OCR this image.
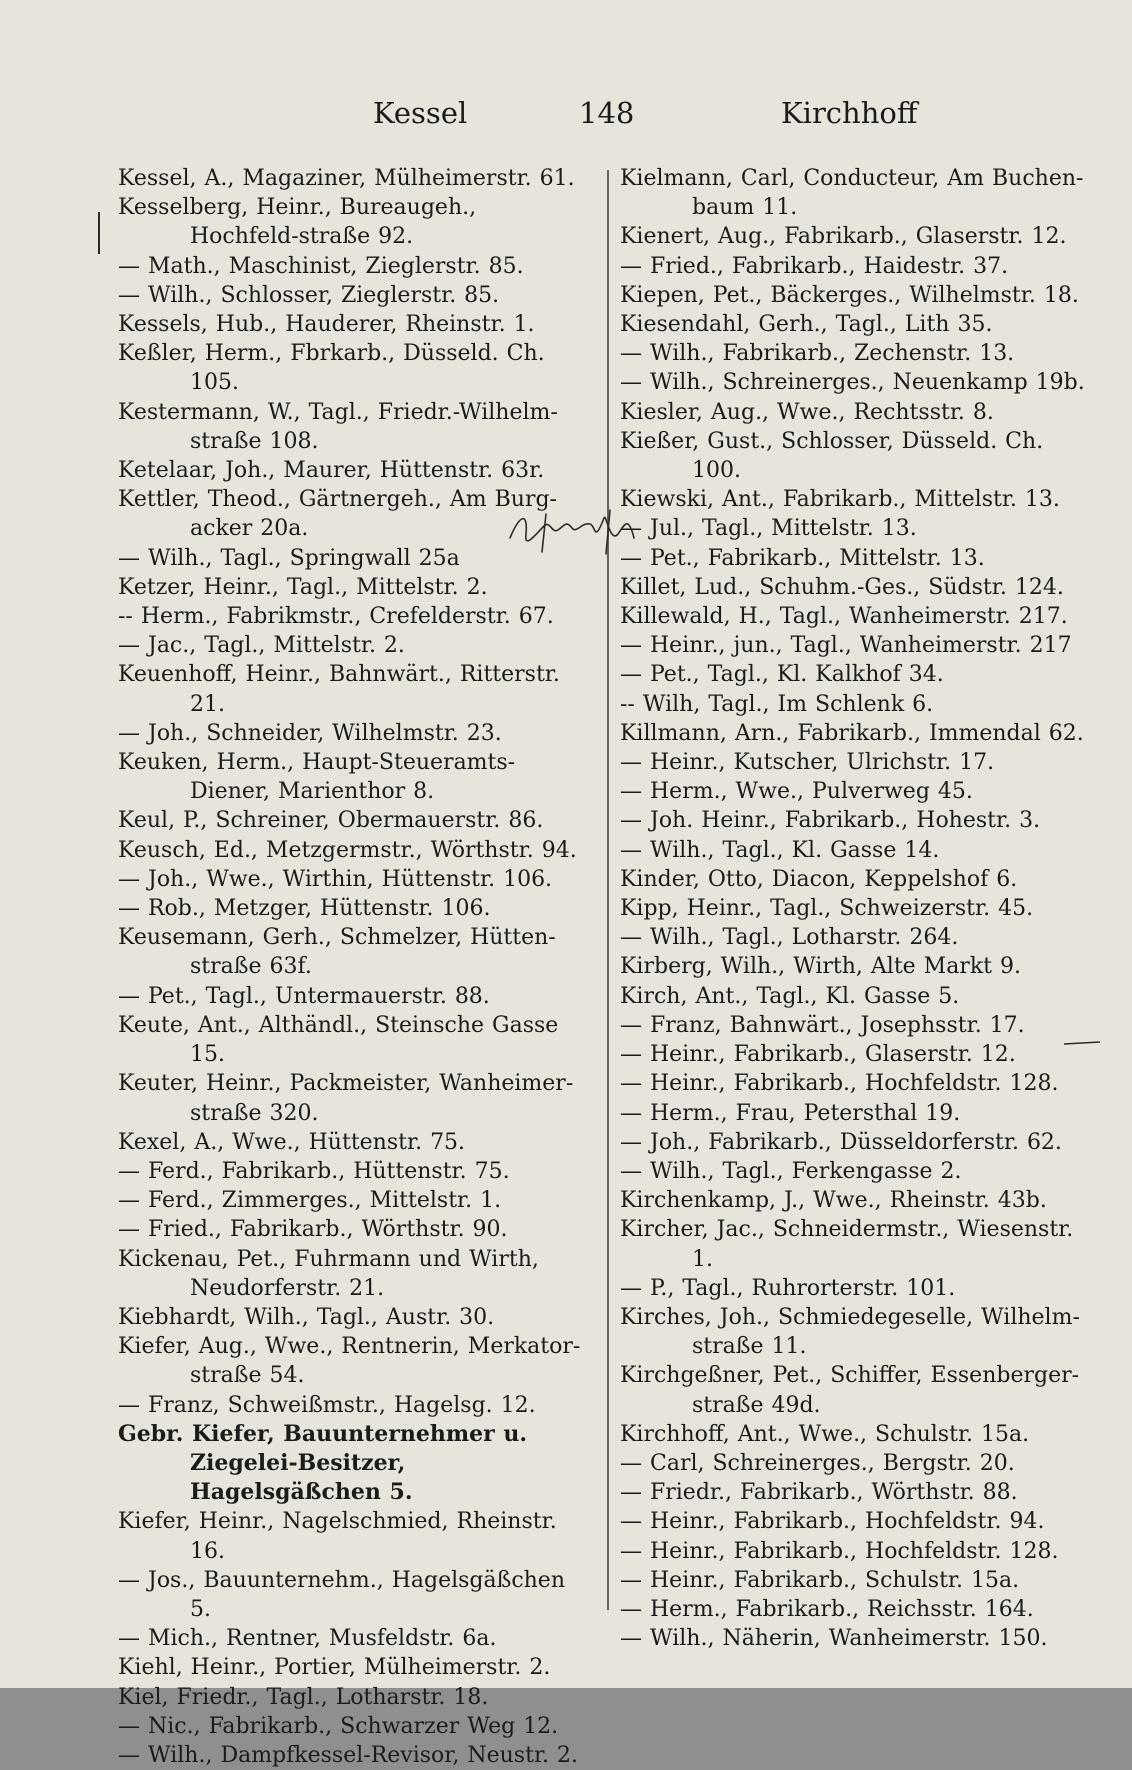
Kessel	148	Kirchhoff

Kessel, A., Magaziner, Mülheimerstr. 61.

Kesselberg, Heinr., Bureaugeh., Hochfeld-straße 92.

— Math., Maschinist, Zieglerstr. 85.

— Wilh., Schlosser, Zieglerstr. 85.

Kessels, Hub., Hauderer, Rheinstr. 1.

Keßler, Herm., Fbrkarb., Düsseld. Ch. 105.

Kestermann, W., Tagl., Friedr.-Wilhelm-straße 108.

Ketelaar, Joh., Maurer, Hüttenstr. 63r.

Kettler, Theod., Gärtnergeh., Am Burg-acker 20a.

— Wilh., Tagl., Springwall 25a

Ketzer, Heinr., Tagl., Mittelstr. 2.

-- Herm., Fabrikmstr., Crefelderstr. 67.

— Jac., Tagl., Mittelstr. 2.

Keuenhoff, Heinr., Bahnwärt., Ritterstr. 21.

— Joh., Schneider, Wilhelmstr. 23.

Keuken, Herm., Haupt-Steueramts-Diener, Marienthor 8.

Keul, P., Schreiner, Obermauerstr. 86.

Keusch, Ed., Metzgermstr., Wörthstr. 94.

— Joh., Wwe., Wirthin, Hüttenstr. 106.

— Rob., Metzger, Hüttenstr. 106.

Keusemann, Gerh., Schmelzer, Hütten-straße 63f.

— Pet., Tagl., Untermauerstr. 88.

Keute, Ant., Althändl., Steinsche Gasse 15.

Keuter, Heinr., Packmeister, Wanheimer-straße 320.

Kexel, A., Wwe., Hüttenstr. 75.

— Ferd., Fabrikarb., Hüttenstr. 75.

— Ferd., Zimmerges., Mittelstr. 1.

— Fried., Fabrikarb., Wörthstr. 90.

Kickenau, Pet., Fuhrmann und Wirth, Neudorferstr. 21.

Kiebhardt, Wilh., Tagl., Austr. 30.

Kiefer, Aug., Wwe., Rentnerin, Merkator-straße 54.

— Franz, Schweißmstr., Hagelsg. 12.

Gebr. Kiefer, Bauunternehmer u. Ziegelei-Besitzer, Hagelsgäßchen 5.

Kiefer, Heinr., Nagelschmied, Rheinstr. 16.

— Jos., Bauunternehm., Hagelsgäßchen 5.

— Mich., Rentner, Musfeldstr. 6a.

Kiehl, Heinr., Portier, Mülheimerstr. 2.

Kiel, Friedr., Tagl., Lotharstr. 18.

— Nic., Fabrikarb., Schwarzer Weg 12.

— Wilh., Dampfkessel-Revisor, Neustr. 2.

Kielmann, Carl, Conducteur, Am Buchen-baum 11.

Kienert, Aug., Fabrikarb., Glaserstr. 12.

— Fried., Fabrikarb., Haidestr. 37.

Kiepen, Pet., Bäckerges., Wilhelmstr. 18.

Kiesendahl, Gerh., Tagl., Lith 35.

— Wilh., Fabrikarb., Zechenstr. 13.

— Wilh., Schreinerges., Neuenkamp 19b.

Kiesler, Aug., Wwe., Rechtsstr. 8.

Kießer, Gust., Schlosser, Düsseld. Ch. 100.

Kiewski, Ant., Fabrikarb., Mittelstr. 13.

— Jul., Tagl., Mittelstr. 13.

— Pet., Fabrikarb., Mittelstr. 13.

Killet, Lud., Schuhm.-Ges., Südstr. 124.

Killewald, H., Tagl., Wanheimerstr. 217.

— Heinr., jun., Tagl., Wanheimerstr. 217

— Pet., Tagl., Kl. Kalkhof 34.

-- Wilh, Tagl., Im Schlenk 6.

Killmann, Arn., Fabrikarb., Immendal 62.

— Heinr., Kutscher, Ulrichstr. 17.

— Herm., Wwe., Pulverweg 45.

— Joh. Heinr., Fabrikarb., Hohestr. 3.

— Wilh., Tagl., Kl. Gasse 14.

Kinder, Otto, Diacon, Keppelshof 6.

Kipp, Heinr., Tagl., Schweizerstr. 45.

— Wilh., Tagl., Lotharstr. 264.

Kirberg, Wilh., Wirth, Alte Markt 9.

Kirch, Ant., Tagl., Kl. Gasse 5.

— Franz, Bahnwärt., Josephsstr. 17.

— Heinr., Fabrikarb., Glaserstr. 12.

— Heinr., Fabrikarb., Hochfeldstr. 128.

— Herm., Frau, Petersthal 19.

— Joh., Fabrikarb., Düsseldorferstr. 62.

— Wilh., Tagl., Ferkengasse 2.

Kirchenkamp, J., Wwe., Rheinstr. 43b.

Kircher, Jac., Schneidermstr., Wiesenstr. 1.

— P., Tagl., Ruhrorterstr. 101.

Kirches, Joh., Schmiedegeselle, Wilhelm-straße 11.

Kirchgeßner, Pet., Schiffer, Essenberger-straße 49d.

Kirchhoff, Ant., Wwe., Schulstr. 15a.

— Carl, Schreinerges., Bergstr. 20.

— Friedr., Fabrikarb., Wörthstr. 88.

— Heinr., Fabrikarb., Hochfeldstr. 94.

— Heinr., Fabrikarb., Hochfeldstr. 128.

— Heinr., Fabrikarb., Schulstr. 15a.

— Herm., Fabrikarb., Reichsstr. 164.

— Wilh., Näherin, Wanheimerstr. 150.
